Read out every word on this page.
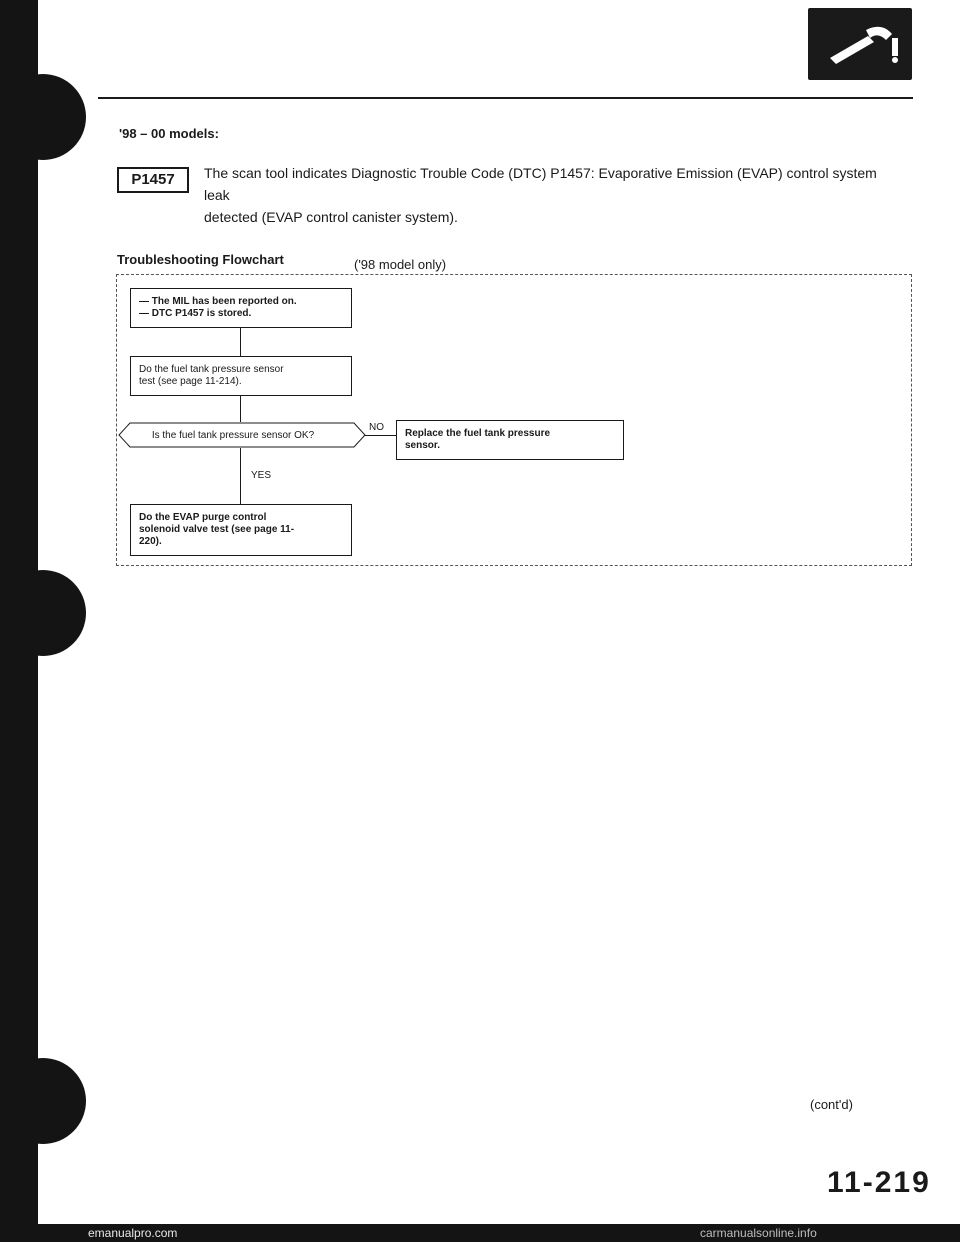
'98 – 00 models:
P1457	The scan tool indicates Diagnostic Trouble Code (DTC) P1457: Evaporative Emission (EVAP) control system leak
detected (EVAP control canister system).
Troubleshooting Flowchart	('98 model only)
— The MIL has been reported on.
— DTC P1457 is stored.
Do the fuel tank pressure sensor
test (see page 11-214).
Is the fuel tank pressure sensor OK?
NO
Replace the fuel tank pressure
sensor.
YES
Do the EVAP purge control
solenoid valve test (see page 11-
220).
(cont'd)
11-219
emanualpro.com	carmanualsonline.info
